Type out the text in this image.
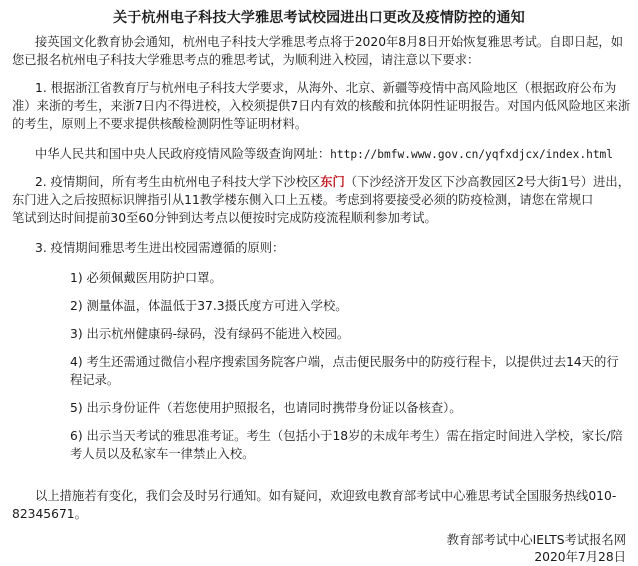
关于杭州电子科技大学雅思考试校园进出口更改及疫情防控的通知
接英国文化教育协会通知，杭州电子科技大学雅思考点将于2020年8月8日开始恢复雅思考试。自即日起，如
您已报名杭州电子科技大学雅思考点的雅思考试，为顺利进入校园，请注意以下要求：
1. 根据浙江省教育厅与杭州电子科技大学要求，从海外、北京、新疆等疫情中高风险地区（根据政府公布为
准）来浙的考生，来浙7日内不得进校，入校须提供7日内有效的核酸和抗体阴性证明报告。对国内低风险地区来浙
的考生，原则上不要求提供核酸检测阴性等证明材料。
中华人民共和国中央人民政府疫情风险等级查询网址：http://bmfw.www.gov.cn/yqfxdjcx/index.html
2. 疫情期间，所有考生由杭州电子科技大学下沙校区东门（下沙经济开发区下沙高教园区2号大街1号）进出，
东门进入之后按照标识牌指引从11教学楼东侧入口上五楼。考虑到将要接受必须的防疫检测，请您在常规口
笔试到达时间提前30至60分钟到达考点以便按时完成防疫流程顺利参加考试。
3. 疫情期间雅思考生进出校园需遵循的原则：
1) 必须佩戴医用防护口罩。
2) 测量体温，体温低于37.3摄氏度方可进入学校。
3) 出示杭州健康码-绿码，没有绿码不能进入校园。
4) 考生还需通过微信小程序搜索国务院客户端，点击便民服务中的防疫行程卡，以提供过去14天的行
程记录。
5) 出示身份证件（若您使用护照报名，也请同时携带身份证以备核查）。
6) 出示当天考试的雅思准考证。考生（包括小于18岁的未成年考生）需在指定时间进入学校，家长/陪
考人员以及私家车一律禁止入校。
以上措施若有变化，我们会及时另行通知。如有疑问，欢迎致电教育部考试中心雅思考试全国服务热线010-
82345671。
教育部考试中心IELTS考试报名网
2020年7月28日
